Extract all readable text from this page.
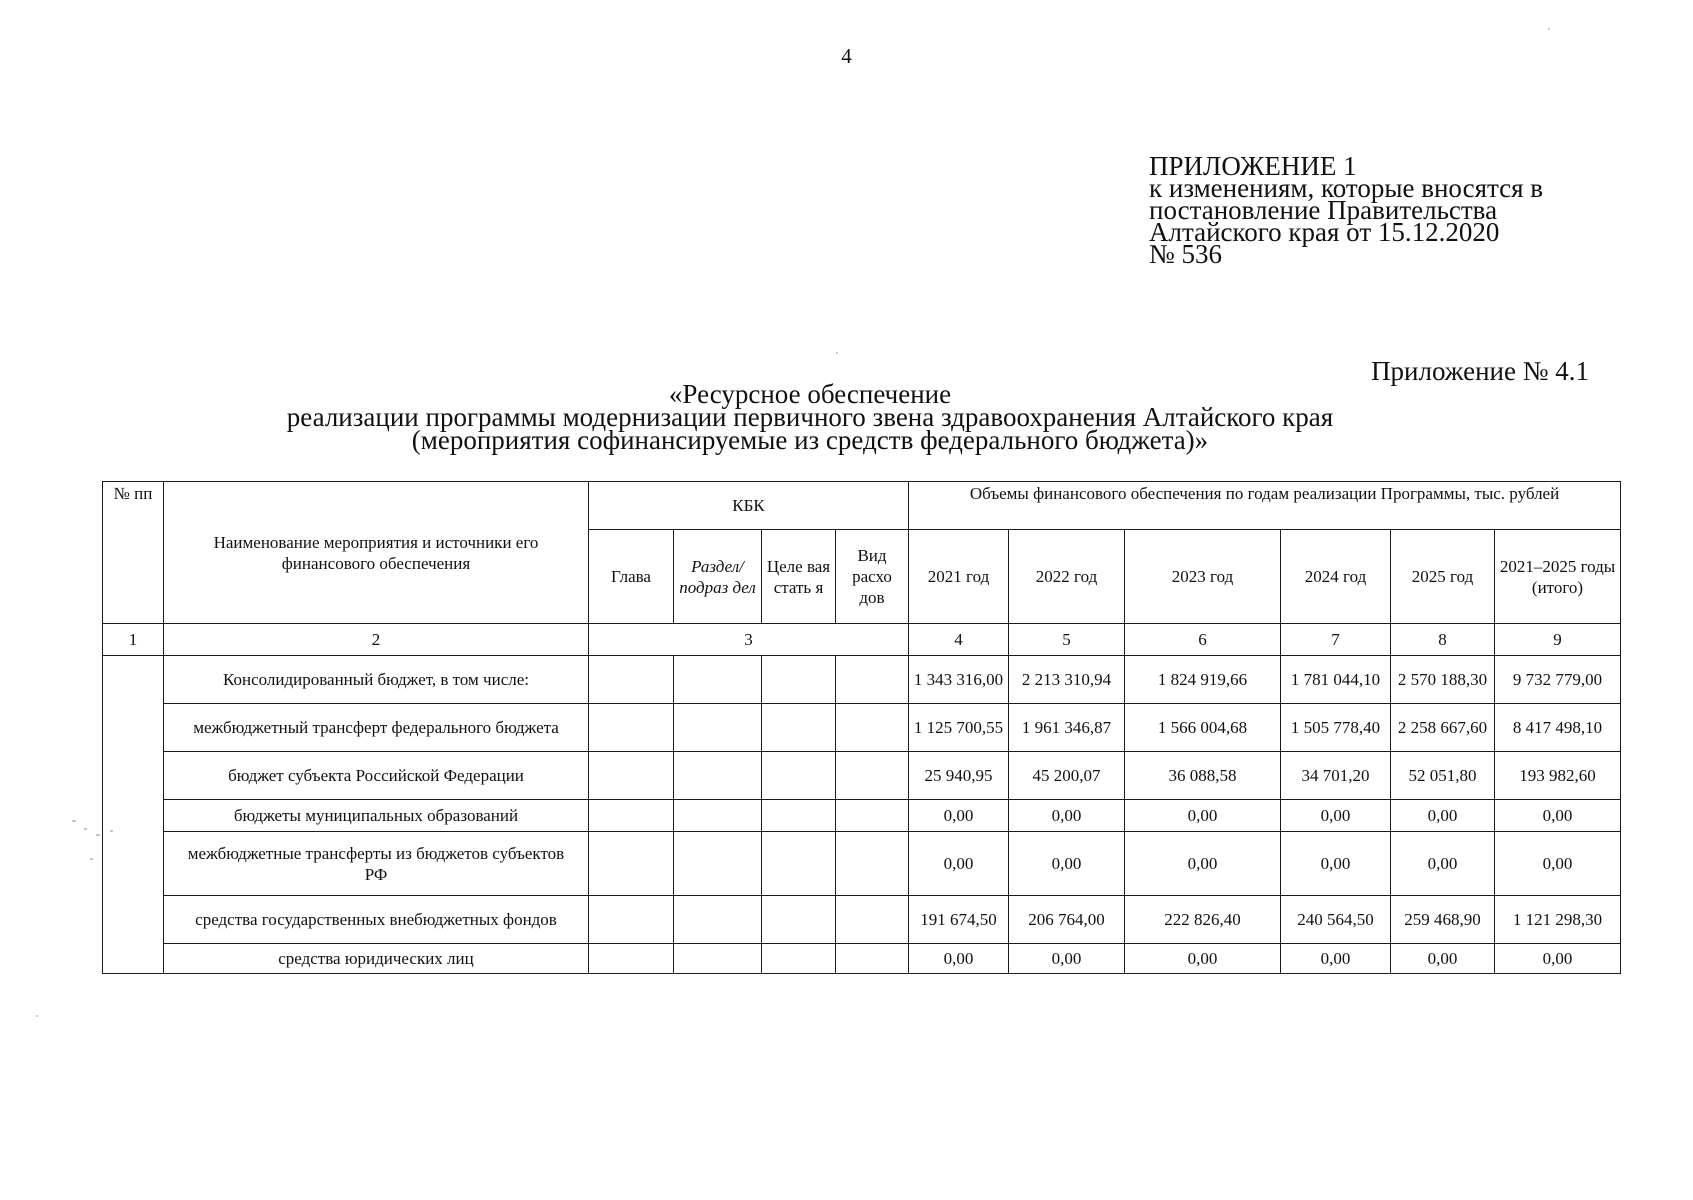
4
ПРИЛОЖЕНИЕ 1
к изменениям, которые вносятся в
постановление Правительства
Алтайского края от 15.12.2020
№ 536
Приложение № 4.1
«Ресурсное обеспечение
реализации программы модернизации первичного звена здравоохранения Алтайского края
(мероприятия софинансируемые из средств федерального бюджета)»
№ пп	Наименование мероприятия и источники его финансового обеспечения	КБК				Объемы финансового обеспечения по годам реализации Программы, тыс. рублей					
		Глава	Раздел/ подраз дел	Целе вая стать я	Вид расхо дов	2021 год	2022 год	2023 год	2024 год	2025 год	2021–2025 годы (итого)
1	2	3				4	5	6	7	8	9
	Консолидированный бюджет, в том числе:					1 343 316,00	2 213 310,94	1 824 919,66	1 781 044,10	2 570 188,30	9 732 779,00
	межбюджетный трансферт федерального бюджета					1 125 700,55	1 961 346,87	1 566 004,68	1 505 778,40	2 258 667,60	8 417 498,10
	бюджет субъекта Российской Федерации					25 940,95	45 200,07	36 088,58	34 701,20	52 051,80	193 982,60
	бюджеты муниципальных образований					0,00	0,00	0,00	0,00	0,00	0,00
	межбюджетные трансферты из бюджетов субъектов РФ					0,00	0,00	0,00	0,00	0,00	0,00
	средства государственных внебюджетных фондов					191 674,50	206 764,00	222 826,40	240 564,50	259 468,90	1 121 298,30
	средства юридических лиц					0,00	0,00	0,00	0,00	0,00	0,00
